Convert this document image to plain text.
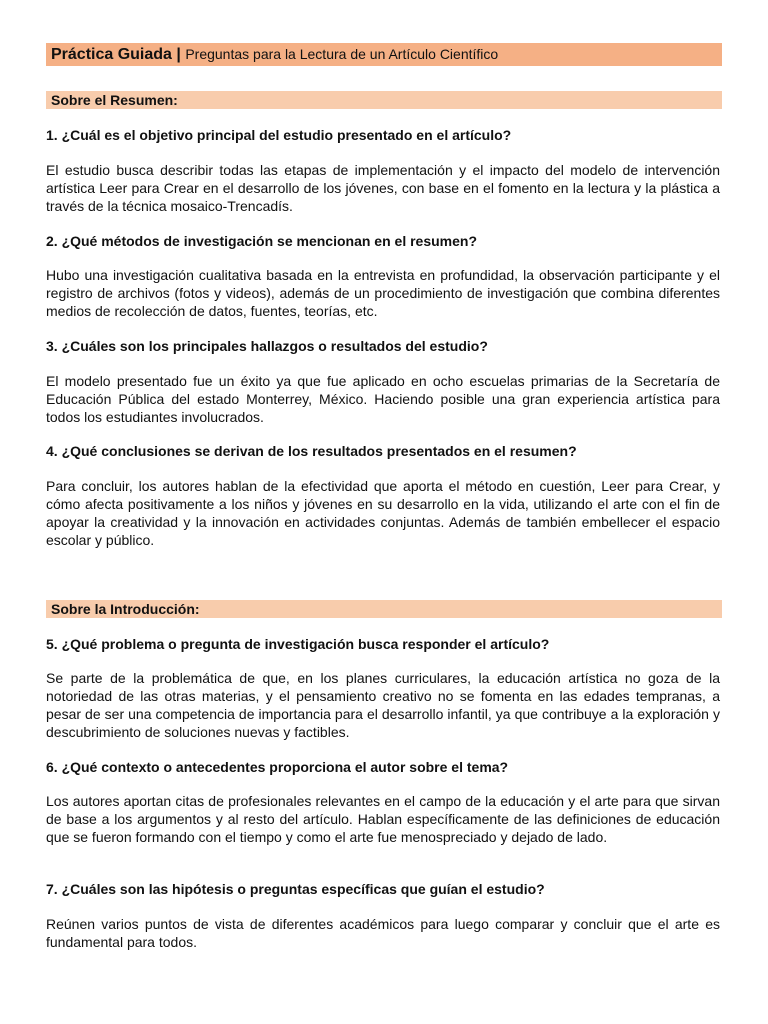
Práctica Guiada | Preguntas para la Lectura de un Artículo Científico
Sobre el Resumen:
1. ¿Cuál es el objetivo principal del estudio presentado en el artículo?

El estudio busca describir todas las etapas de implementación y el impacto del modelo de intervención artística Leer para Crear en el desarrollo de los jóvenes, con base en el fomento en la lectura y la plástica a través de la técnica mosaico-Trencadís.

2. ¿Qué métodos de investigación se mencionan en el resumen?

Hubo una investigación cualitativa basada en la entrevista en profundidad, la observación participante y el registro de archivos (fotos y videos), además de un procedimiento de investigación que combina diferentes medios de recolección de datos, fuentes, teorías, etc.

3. ¿Cuáles son los principales hallazgos o resultados del estudio?

El modelo presentado fue un éxito ya que fue aplicado en ocho escuelas primarias de la Secretaría de Educación Pública del estado Monterrey, México. Haciendo posible una gran experiencia artística para todos los estudiantes involucrados.

4. ¿Qué conclusiones se derivan de los resultados presentados en el resumen?

Para concluir, los autores hablan de la efectividad que aporta el método en cuestión, Leer para Crear, y cómo afecta positivamente a los niños y jóvenes en su desarrollo en la vida, utilizando el arte con el fin de apoyar la creatividad y la innovación en actividades conjuntas. Además de también embellecer el espacio escolar y público.

Sobre la Introducción:
5. ¿Qué problema o pregunta de investigación busca responder el artículo?

Se parte de la problemática de que, en los planes curriculares, la educación artística no goza de la notoriedad de las otras materias, y el pensamiento creativo no se fomenta en las edades tempranas, a pesar de ser una competencia de importancia para el desarrollo infantil, ya que contribuye a la exploración y descubrimiento de soluciones nuevas y factibles.

6. ¿Qué contexto o antecedentes proporciona el autor sobre el tema?

Los autores aportan citas de profesionales relevantes en el campo de la educación y el arte para que sirvan de base a los argumentos y al resto del artículo. Hablan específicamente de las definiciones de educación que se fueron formando con el tiempo y como el arte fue menospreciado y dejado de lado.

7. ¿Cuáles son las hipótesis o preguntas específicas que guían el estudio?

Reúnen varios puntos de vista de diferentes académicos para luego comparar y concluir que el arte es fundamental para todos.
